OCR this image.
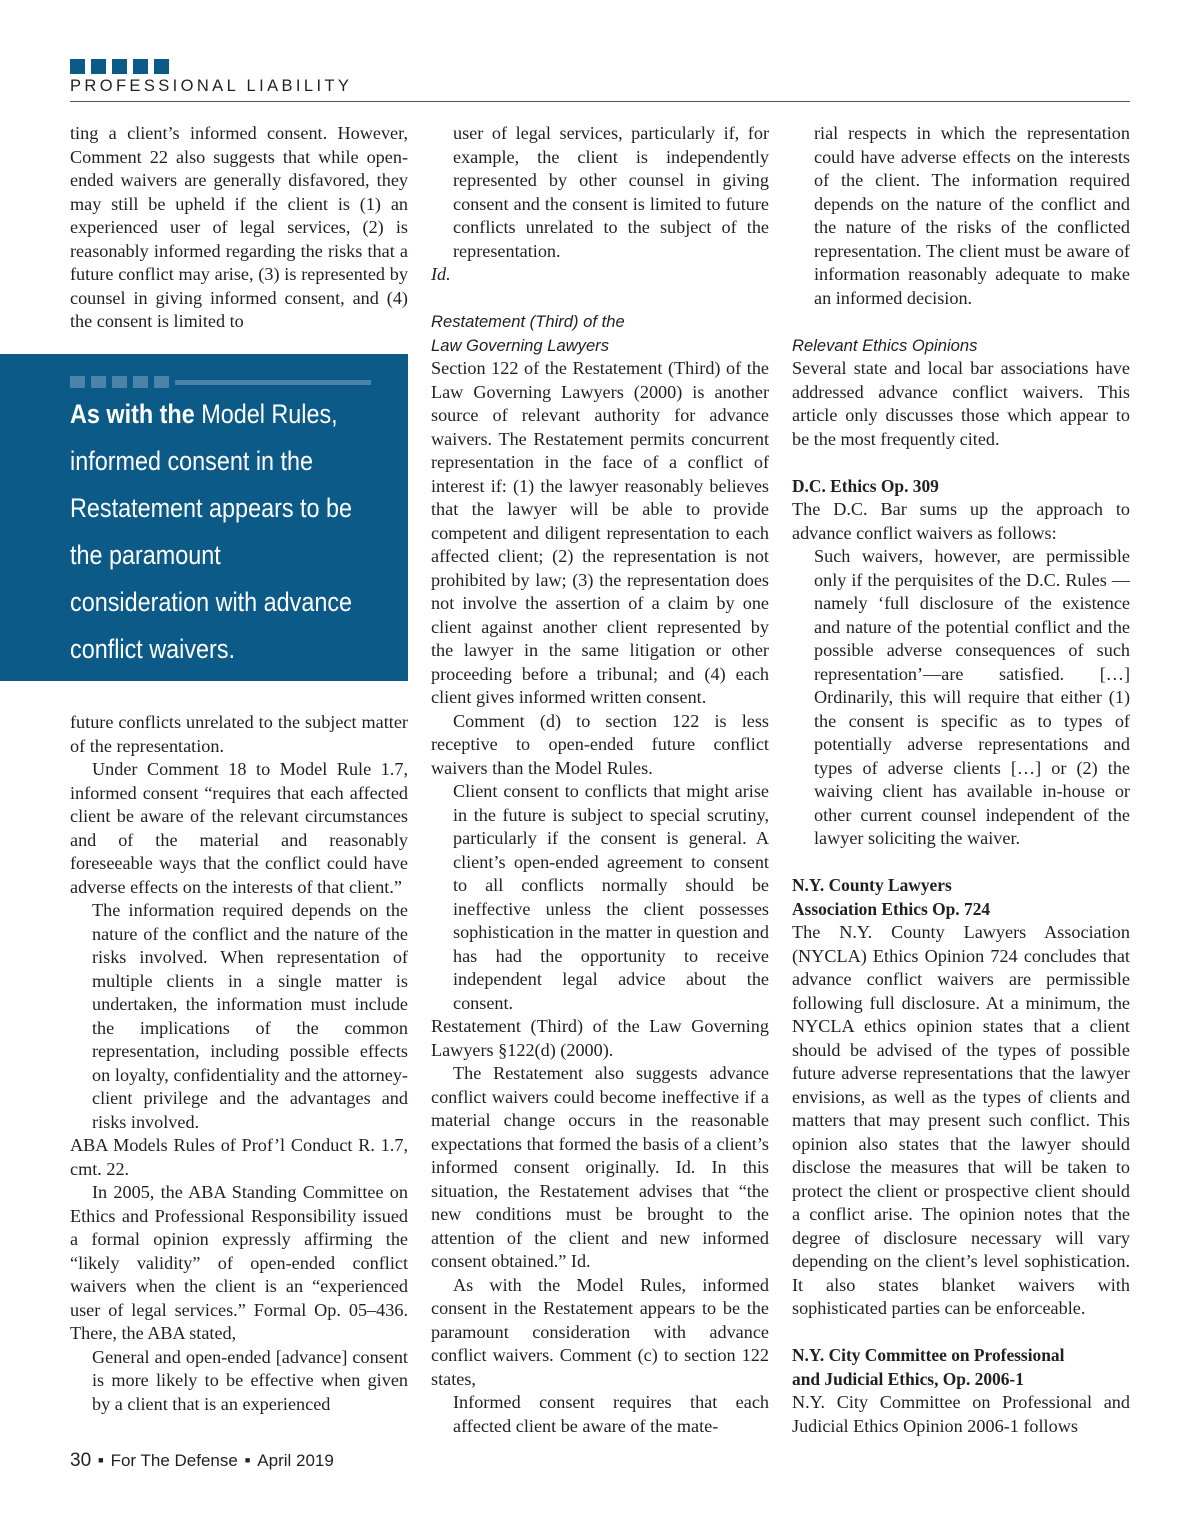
PROFESSIONAL LIABILITY

ting a client’s informed consent. However, Comment 22 also suggests that while open-ended waivers are generally disfavored, they may still be upheld if the client is (1) an experienced user of legal services, (2) is reasonably informed regarding the risks that a future conflict may arise, (3) is represented by counsel in giving informed consent, and (4) the consent is limited to

As with the Model Rules, informed consent in the Restatement appears to be the paramount consideration with advance conflict waivers.

future conflicts unrelated to the subject matter of the representation.

Under Comment 18 to Model Rule 1.7, informed consent “requires that each affected client be aware of the relevant circumstances and of the material and reasonably foreseeable ways that the conflict could have adverse effects on the interests of that client.”

The information required depends on the nature of the conflict and the nature of the risks involved. When representation of multiple clients in a single matter is undertaken, the information must include the implications of the common representation, including possible effects on loyalty, confidentiality and the attorney-client privilege and the advantages and risks involved.

ABA Models Rules of Prof’l Conduct R. 1.7, cmt. 22.

In 2005, the ABA Standing Committee on Ethics and Professional Responsibility issued a formal opinion expressly affirming the “likely validity” of open-ended conflict waivers when the client is an “experienced user of legal services.” Formal Op. 05–436. There, the ABA stated,

General and open-ended [advance] consent is more likely to be effective when given by a client that is an experienced

user of legal services, particularly if, for example, the client is independently represented by other counsel in giving consent and the consent is limited to future conflicts unrelated to the subject of the representation.

Id.

Restatement (Third) of the
Law Governing Lawyers

Section 122 of the Restatement (Third) of the Law Governing Lawyers (2000) is another source of relevant authority for advance waivers. The Restatement permits concurrent representation in the face of a conflict of interest if: (1) the lawyer reasonably believes that the lawyer will be able to provide competent and diligent representation to each affected client; (2) the representation is not prohibited by law; (3) the representation does not involve the assertion of a claim by one client against another client represented by the lawyer in the same litigation or other proceeding before a tribunal; and (4) each client gives informed written consent.

Comment (d) to section 122 is less receptive to open-ended future conflict waivers than the Model Rules.

Client consent to conflicts that might arise in the future is subject to special scrutiny, particularly if the consent is general. A client’s open-ended agreement to consent to all conflicts normally should be ineffective unless the client possesses sophistication in the matter in question and has had the opportunity to receive independent legal advice about the consent.

Restatement (Third) of the Law Governing Lawyers §122(d) (2000).

The Restatement also suggests advance conflict waivers could become ineffective if a material change occurs in the reasonable expectations that formed the basis of a client’s informed consent originally. Id. In this situation, the Restatement advises that “the new conditions must be brought to the attention of the client and new informed consent obtained.” Id.

As with the Model Rules, informed consent in the Restatement appears to be the paramount consideration with advance conflict waivers. Comment (c) to section 122 states,

Informed consent requires that each affected client be aware of the mate-

rial respects in which the representation could have adverse effects on the interests of the client. The information required depends on the nature of the conflict and the nature of the risks of the conflicted representation. The client must be aware of information reasonably adequate to make an informed decision.

Relevant Ethics Opinions

Several state and local bar associations have addressed advance conflict waivers. This article only discusses those which appear to be the most frequently cited.

D.C. Ethics Op. 309

The D.C. Bar sums up the approach to advance conflict waivers as follows:

Such waivers, however, are permissible only if the perquisites of the D.C. Rules —namely ‘full disclosure of the existence and nature of the potential conflict and the possible adverse consequences of such representation’—are satisfied. […] Ordinarily, this will require that either (1) the consent is specific as to types of potentially adverse representations and types of adverse clients […] or (2) the waiving client has available in-house or other current counsel independent of the lawyer soliciting the waiver.

N.Y. County Lawyers
Association Ethics Op. 724

The N.Y. County Lawyers Association (NYCLA) Ethics Opinion 724 concludes that advance conflict waivers are permissible following full disclosure. At a minimum, the NYCLA ethics opinion states that a client should be advised of the types of possible future adverse representations that the lawyer envisions, as well as the types of clients and matters that may present such conflict. This opinion also states that the lawyer should disclose the measures that will be taken to protect the client or prospective client should a conflict arise. The opinion notes that the degree of disclosure necessary will vary depending on the client’s level sophistication. It also states blanket waivers with sophisticated parties can be enforceable.

N.Y. City Committee on Professional
and Judicial Ethics, Op. 2006-1

N.Y. City Committee on Professional and Judicial Ethics Opinion 2006-1 follows

30 ■ For The Defense ■ April 2019
